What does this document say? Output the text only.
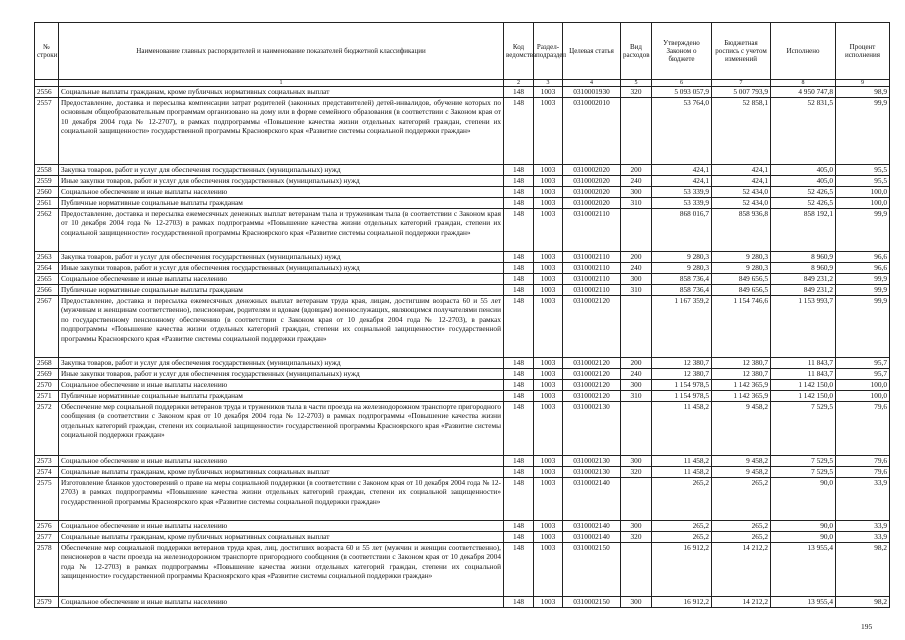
№ строки	Наименование главных распорядителей и наименование показателей бюджетной классификации	Код ведомства	Раздел-подраздел	Целевая статья	Вид расходов	Утверждено Законом о бюджете	Бюджетная роспись с учетом изменений	Исполнено	Процент исполнения
	1	2	3	4	5	6	7	8	9
2556	Социальные выплаты гражданам, кроме публичных нормативных социальных выплат	148	1003	0310001930	320	5 093 057,9	5 007 793,9	4 950 747,8	98,9
2557	Предоставление, доставка и пересылка компенсации затрат родителей (законных представителей) детей-инвалидов, обучение которых по основным общеобразовательным программам организовано на дому или в форме семейного образования (в соответствии с Законом края от 10 декабря 2004 года № 12-2707), в рамках подпрограммы «Повышение качества жизни отдельных категорий граждан, степени их социальной защищенности» государственной программы Красноярского края «Развитие системы социальной поддержки граждан»	148	1003	0310002010		53 764,0	52 858,1	52 831,5	99,9
2558	Закупка товаров, работ и услуг для обеспечения государственных (муниципальных) нужд	148	1003	0310002020	200	424,1	424,1	405,0	95,5
2559	Иные закупки товаров, работ и услуг для обеспечения государственных (муниципальных) нужд	148	1003	0310002020	240	424,1	424,1	405,0	95,5
2560	Социальное обеспечение и иные выплаты населению	148	1003	0310002020	300	53 339,9	52 434,0	52 426,5	100,0
2561	Публичные нормативные социальные выплаты гражданам	148	1003	0310002020	310	53 339,9	52 434,0	52 426,5	100,0
2562	Предоставление, доставка и пересылка ежемесячных денежных выплат ветеранам тыла и труженикам тыла (в соответствии с Законом края от 10 декабря 2004 года № 12-2703) в рамках подпрограммы «Повышение качества жизни отдельных категорий граждан, степени их социальной защищенности» государственной программы Красноярского края «Развитие системы социальной поддержки граждан»	148	1003	0310002110		868 016,7	858 936,8	858 192,1	99,9
2563	Закупка товаров, работ и услуг для обеспечения государственных (муниципальных) нужд	148	1003	0310002110	200	9 280,3	9 280,3	8 960,9	96,6
2564	Иные закупки товаров, работ и услуг для обеспечения государственных (муниципальных) нужд	148	1003	0310002110	240	9 280,3	9 280,3	8 960,9	96,6
2565	Социальное обеспечение и иные выплаты населению	148	1003	0310002110	300	858 736,4	849 656,5	849 231,2	99,9
2566	Публичные нормативные социальные выплаты гражданам	148	1003	0310002110	310	858 736,4	849 656,5	849 231,2	99,9
2567	Предоставление, доставка и пересылка ежемесячных денежных выплат ветеранам труда края, лицам, достигшим возраста 60 и 55 лет (мужчинам и женщинам соответственно), пенсионерам, родителям и вдовам (вдовцам) военнослужащих, являющимся получателями пенсии по государственному пенсионному обеспечению (в соответствии с Законом края от 10 декабря 2004 года № 12-2703), в рамках подпрограммы «Повышение качества жизни отдельных категорий граждан, степени их социальной защищенности» государственной программы Красноярского края «Развитие системы социальной поддержки граждан»	148	1003	0310002120		1 167 359,2	1 154 746,6	1 153 993,7	99,9
2568	Закупка товаров, работ и услуг для обеспечения государственных (муниципальных) нужд	148	1003	0310002120	200	12 380,7	12 380,7	11 843,7	95,7
2569	Иные закупки товаров, работ и услуг для обеспечения государственных (муниципальных) нужд	148	1003	0310002120	240	12 380,7	12 380,7	11 843,7	95,7
2570	Социальное обеспечение и иные выплаты населению	148	1003	0310002120	300	1 154 978,5	1 142 365,9	1 142 150,0	100,0
2571	Публичные нормативные социальные выплаты гражданам	148	1003	0310002120	310	1 154 978,5	1 142 365,9	1 142 150,0	100,0
2572	Обеспечение мер социальной поддержки ветеранов труда и тружеников тыла в части проезда на железнодорожном транспорте пригородного сообщения (в соответствии с Законом края от 10 декабря 2004 года № 12-2703) в рамках подпрограммы «Повышение качества жизни отдельных категорий граждан, степени их социальной защищенности» государственной программы Красноярского края «Развитие системы социальной поддержки граждан»	148	1003	0310002130		11 458,2	9 458,2	7 529,5	79,6
2573	Социальное обеспечение и иные выплаты населению	148	1003	0310002130	300	11 458,2	9 458,2	7 529,5	79,6
2574	Социальные выплаты гражданам, кроме публичных нормативных социальных выплат	148	1003	0310002130	320	11 458,2	9 458,2	7 529,5	79,6
2575	Изготовление бланков удостоверений о праве на меры социальной поддержки (в соответствии с Законом края от 10 декабря 2004 года № 12-2703) в рамках подпрограммы «Повышение качества жизни отдельных категорий граждан, степени их социальной защищенности» государственной программы Красноярского края «Развитие системы социальной поддержки граждан»	148	1003	0310002140		265,2	265,2	90,0	33,9
2576	Социальное обеспечение и иные выплаты населению	148	1003	0310002140	300	265,2	265,2	90,0	33,9
2577	Социальные выплаты гражданам, кроме публичных нормативных социальных выплат	148	1003	0310002140	320	265,2	265,2	90,0	33,9
2578	Обеспечение мер социальной поддержки ветеранов труда края, лиц, достигших возраста 60 и 55 лет (мужчин и женщин соответственно), пенсионеров в части проезда на железнодорожном транспорте пригородного сообщения (в соответствии с Законом края от 10 декабря 2004 года № 12-2703) в рамках подпрограммы «Повышение качества жизни отдельных категорий граждан, степени их социальной защищенности» государственной программы Красноярского края «Развитие системы социальной поддержки граждан»	148	1003	0310002150		16 912,2	14 212,2	13 955,4	98,2
2579	Социальное обеспечение и иные выплаты населению	148	1003	0310002150	300	16 912,2	14 212,2	13 955,4	98,2
195
